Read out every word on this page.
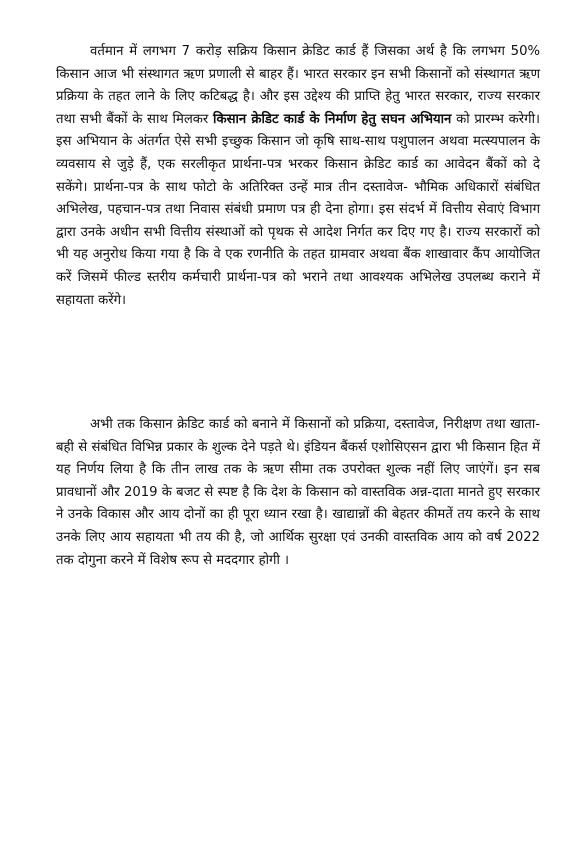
वर्तमान में लगभग 7 करोड़ सक्रिय किसान क्रेडिट कार्ड हैं जिसका अर्थ है कि लगभग 50% किसान आज भी संस्थागत ऋण प्रणाली से बाहर हैं। भारत सरकार इन सभी किसानों को संस्थागत ऋण प्रक्रिया के तहत लाने के लिए कटिबद्ध है। और इस उद्देश्य की प्राप्ति हेतु भारत सरकार, राज्य सरकार तथा सभी बैंकों के साथ मिलकर किसान क्रेडिट कार्ड के निर्माण हेतु सघन अभियान को प्रारम्भ करेगी। इस अभियान के अंतर्गत ऐसे सभी इच्छुक किसान जो कृषि साथ-साथ पशुपालन अथवा मत्स्यपालन के व्यवसाय से जुड़े हैं, एक सरलीकृत प्रार्थना-पत्र भरकर किसान क्रेडिट कार्ड का आवेदन बैंकों को दे सकेंगे। प्रार्थना-पत्र के साथ फोटो के अतिरिक्त उन्हें मात्र तीन दस्तावेज- भौमिक अधिकारों संबंधित अभिलेख, पहचान-पत्र तथा निवास संबंधी प्रमाण पत्र ही देना होगा। इस संदर्भ में वित्तीय सेवाएं विभाग द्वारा उनके अधीन सभी वित्तीय संस्थाओं को पृथक से आदेश निर्गत कर दिए गए है। राज्य सरकारों को भी यह अनुरोध किया गया है कि वे एक रणनीति के तहत ग्रामवार अथवा बैंक शाखावार कैंप आयोजित करें जिसमें फील्ड स्तरीय कर्मचारी प्रार्थना-पत्र को भराने तथा आवश्यक अभिलेख उपलब्ध कराने में सहायता करेंगे।

अभी तक किसान क्रेडिट कार्ड को बनाने में किसानों को प्रक्रिया, दस्तावेज, निरीक्षण तथा खाता-बही से संबंधित विभिन्न प्रकार के शुल्क देने पड़ते थे। इंडियन बैंकर्स एशोसिएसन द्वारा भी किसान हित में यह निर्णय लिया है कि तीन लाख तक के ऋण सीमा तक उपरोक्त शुल्क नहीं लिए जाएंगें। इन सब प्रावधानों और 2019 के बजट से स्पष्ट है कि देश के किसान को वास्तविक अन्न-दाता मानते हुए सरकार ने उनके विकास और आय दोनों का ही पूरा ध्यान रखा है। खाद्यान्नों की बेहतर कीमतें तय करने के साथ उनके लिए आय सहायता भी तय की है, जो आर्थिक सुरक्षा एवं उनकी वास्तविक आय को वर्ष 2022 तक दोगुना करने में विशेष रूप से मददगार होगी ।
